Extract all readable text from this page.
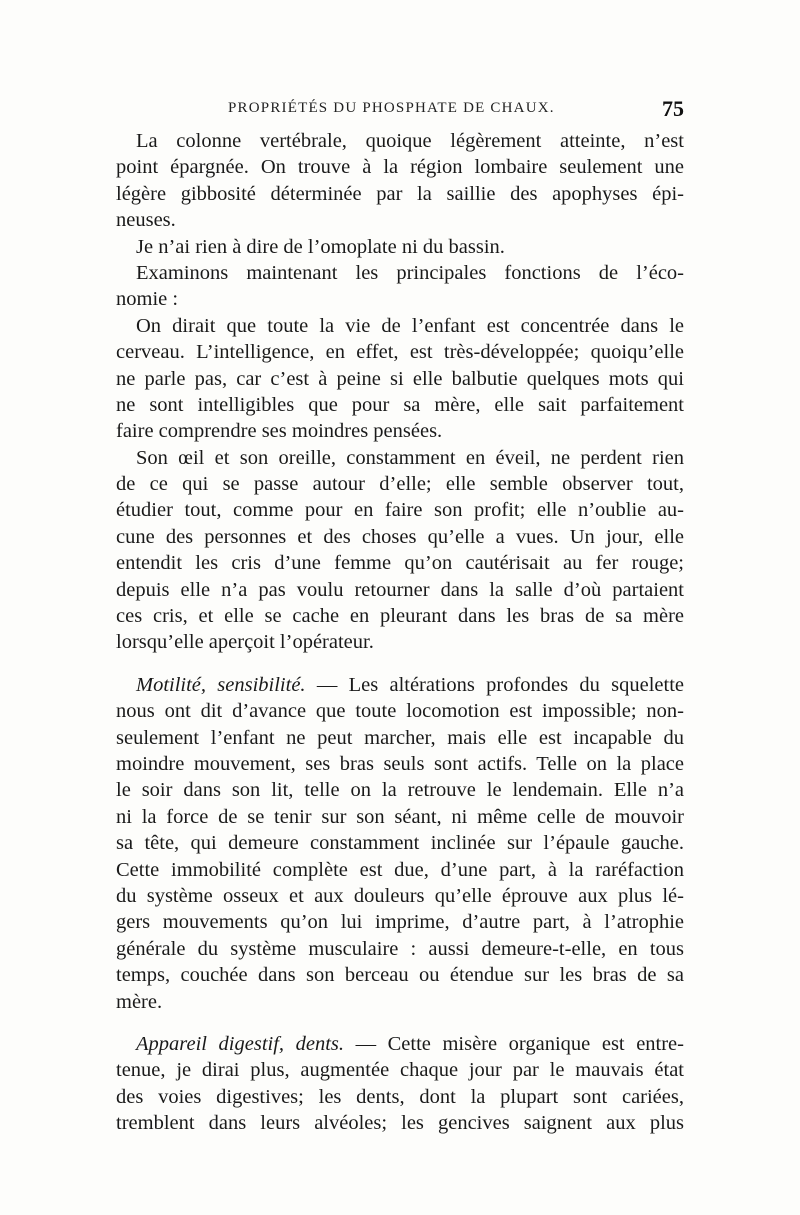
PROPRIÉTÉS DU PHOSPHATE DE CHAUX.	75
La colonne vertébrale, quoique légèrement atteinte, n’est
point épargnée. On trouve à la région lombaire seulement une
légère gibbosité déterminée par la saillie des apophyses épi-
neuses.
Je n’ai rien à dire de l’omoplate ni du bassin.
Examinons maintenant les principales fonctions de l’éco-
nomie :
On dirait que toute la vie de l’enfant est concentrée dans le
cerveau. L’intelligence, en effet, est très-développée; quoiqu’elle
ne parle pas, car c’est à peine si elle balbutie quelques mots qui
ne sont intelligibles que pour sa mère, elle sait parfaitement
faire comprendre ses moindres pensées.
Son œil et son oreille, constamment en éveil, ne perdent rien
de ce qui se passe autour d’elle; elle semble observer tout,
étudier tout, comme pour en faire son profit; elle n’oublie au-
cune des personnes et des choses qu’elle a vues. Un jour, elle
entendit les cris d’une femme qu’on cautérisait au fer rouge;
depuis elle n’a pas voulu retourner dans la salle d’où partaient
ces cris, et elle se cache en pleurant dans les bras de sa mère
lorsqu’elle aperçoit l’opérateur.
Motilité, sensibilité. — Les altérations profondes du squelette
nous ont dit d’avance que toute locomotion est impossible; non-
seulement l’enfant ne peut marcher, mais elle est incapable du
moindre mouvement, ses bras seuls sont actifs. Telle on la place
le soir dans son lit, telle on la retrouve le lendemain. Elle n’a
ni la force de se tenir sur son séant, ni même celle de mouvoir
sa tête, qui demeure constamment inclinée sur l’épaule gauche.
Cette immobilité complète est due, d’une part, à la raréfaction
du système osseux et aux douleurs qu’elle éprouve aux plus lé-
gers mouvements qu’on lui imprime, d’autre part, à l’atrophie
générale du système musculaire : aussi demeure-t-elle, en tous
temps, couchée dans son berceau ou étendue sur les bras de sa
mère.
Appareil digestif, dents. — Cette misère organique est entre-
tenue, je dirai plus, augmentée chaque jour par le mauvais état
des voies digestives; les dents, dont la plupart sont cariées,
tremblent dans leurs alvéoles; les gencives saignent aux plus
